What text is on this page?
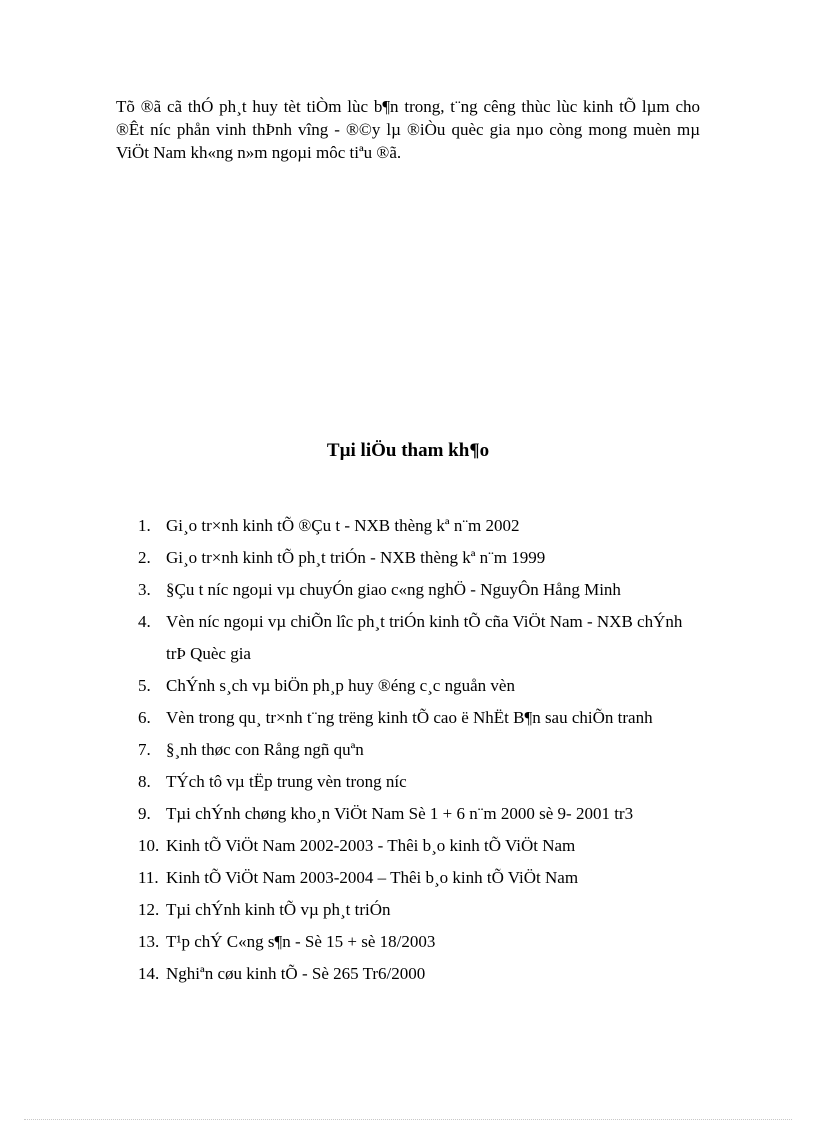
Tõ ®ã cã thÓ ph¸t huy tèt tiÒm lùc b¶n trong, t¨ng cêng thùc lùc kinh tÕ lµm cho ®Êt níc phån vinh thÞnh vîng - ®©y lµ ®iÒu quèc gia nµo còng mong muèn mµ ViÖt Nam kh«ng n»m ngoµi môc tiªu ®ã.

Tµi liÖu tham kh¶o
1. Gi¸o tr×nh kinh tÕ ®Çu t - NXB thèng kª n¨m 2002
2. Gi¸o tr×nh kinh tÕ ph¸t triÓn - NXB thèng kª n¨m 1999
3. §Çu t níc ngoµi vµ chuyÓn giao c«ng nghÖ - NguyÔn Hång Minh
4. Vèn níc ngoµi vµ chiÕn lîc ph¸t triÓn kinh tÕ cña ViÖt Nam - NXB chÝnh trÞ Quèc gia
5. ChÝnh s¸ch vµ biÖn ph¸p huy ®éng c¸c nguån vèn
6. Vèn trong qu¸ tr×nh t¨ng trëng kinh tÕ cao ë NhËt B¶n sau chiÕn tranh
7. §¸nh thøc con Rång ngñ quªn
8. TÝch tô vµ tËp trung vèn trong níc
9. Tµi chÝnh chøng kho¸n ViÖt Nam Sè 1 + 6 n¨m 2000 sè 9- 2001 tr3
10. Kinh tÕ ViÖt Nam 2002-2003 - Thêi b¸o kinh tÕ ViÖt Nam
11. Kinh tÕ ViÖt Nam 2003-2004 – Thêi b¸o kinh tÕ ViÖt Nam
12. Tµi chÝnh kinh tÕ vµ ph¸t triÓn
13. T¹p chÝ C«ng s¶n - Sè 15 + sè 18/2003
14. Nghiªn cøu kinh tÕ - Sè 265 Tr6/2000
